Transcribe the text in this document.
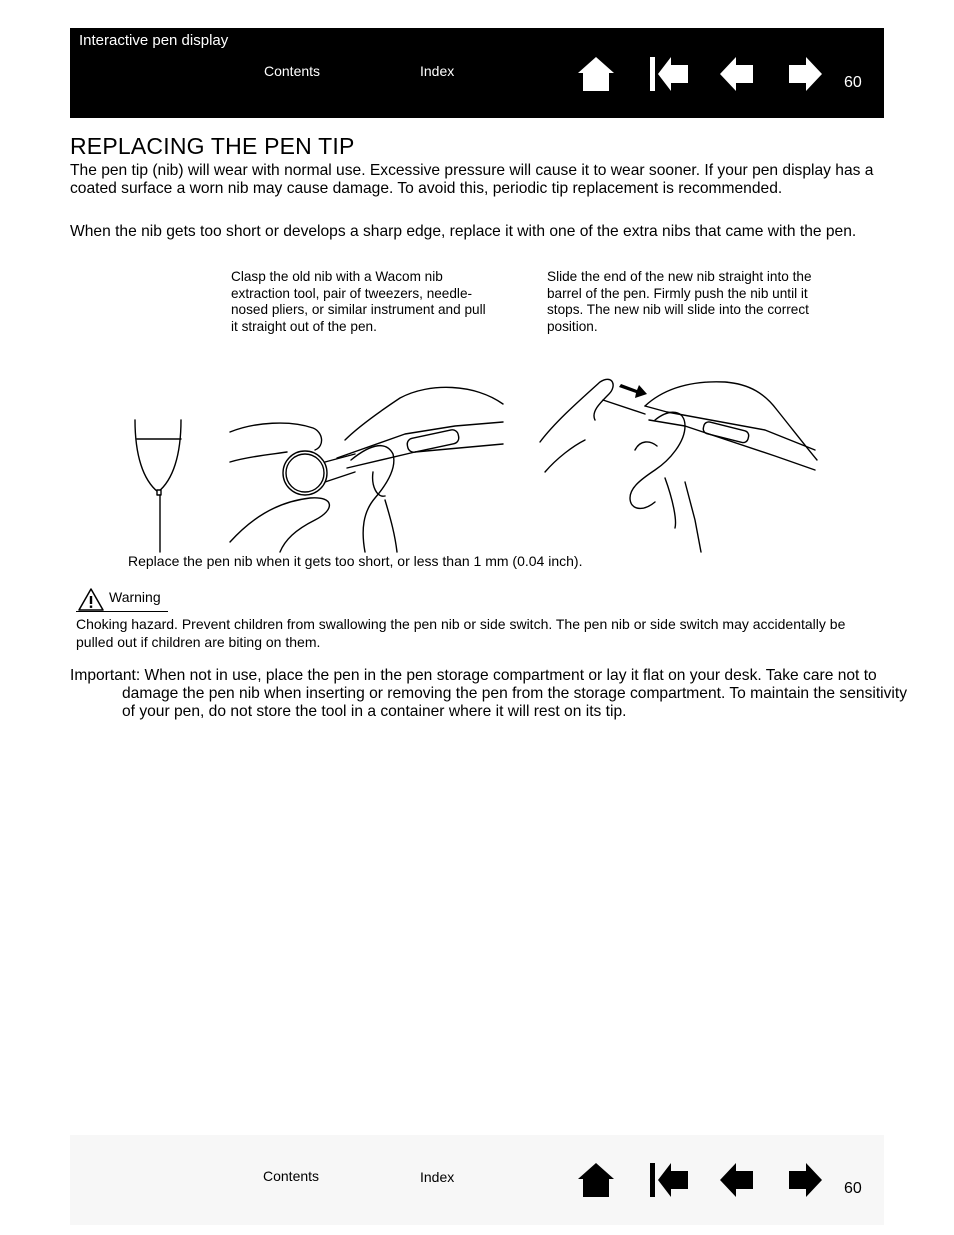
Interactive pen display
Contents	Index
60
REPLACING THE PEN TIP

The pen tip (nib) will wear with normal use. Excessive pressure will cause it to wear sooner. If your pen display has a coated surface a worn nib may cause damage. To avoid this, periodic tip replacement is recommended.

When the nib gets too short or develops a sharp edge, replace it with one of the extra nibs that came with the pen.

Clasp the old nib with a Wacom nib extraction tool, pair of tweezers, needle-nosed pliers, or similar instrument and pull it straight out of the pen.

Slide the end of the new nib straight into the barrel of the pen. Firmly push the nib until it stops. The new nib will slide into the correct position.

Replace the pen nib when it gets too short, or less than 1 mm (0.04 inch).

Warning

Choking hazard. Prevent children from swallowing the pen nib or side switch. The pen nib or side switch may accidentally be pulled out if children are biting on them.

Important: When not in use, place the pen in the pen storage compartment or lay it flat on your desk. Take care not to damage the pen nib when inserting or removing the pen from the storage compartment. To maintain the sensitivity of your pen, do not store the tool in a container where it will rest on its tip.

Contents	Index
60
